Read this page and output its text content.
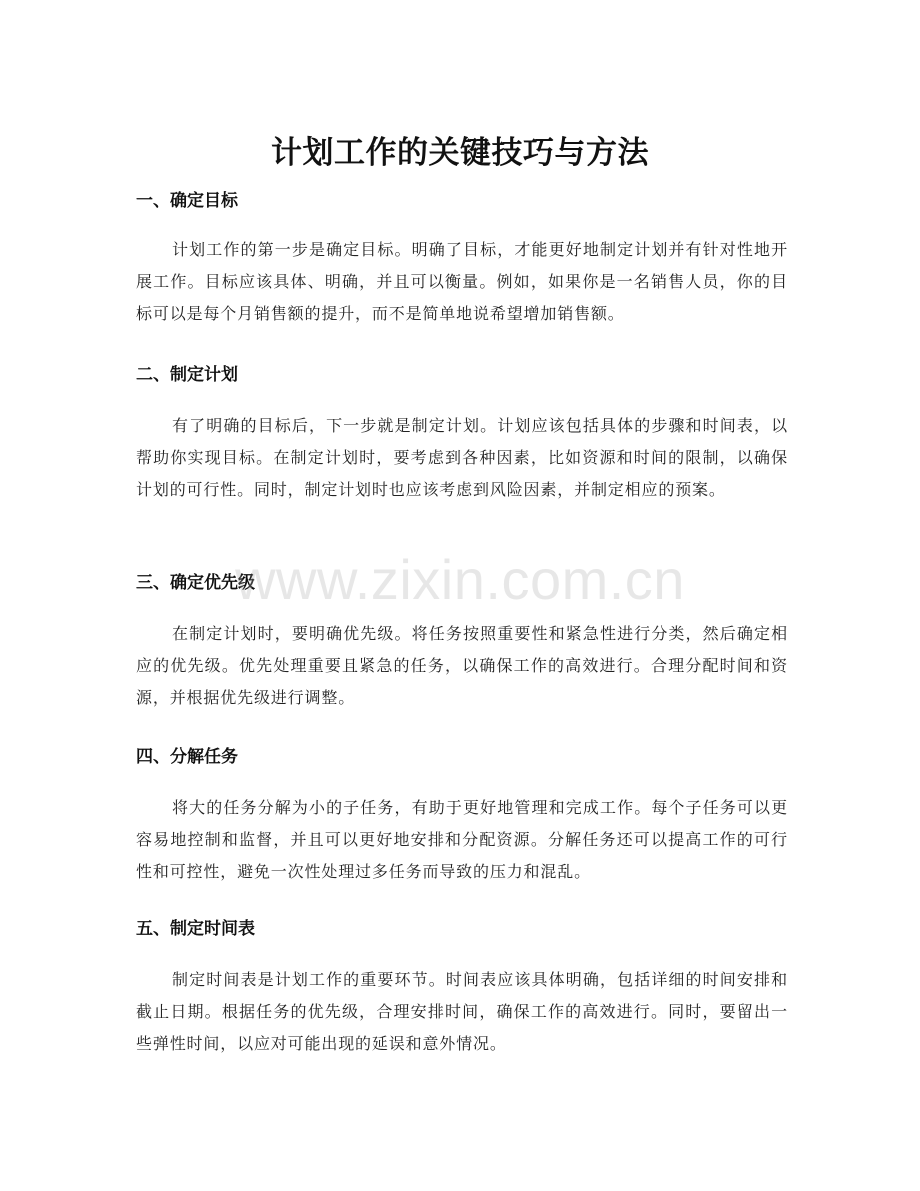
计划工作的关键技巧与方法
一、确定目标

计划工作的第一步是确定目标。明确了目标，才能更好地制定计划并有针对性地开展工作。目标应该具体、明确，并且可以衡量。例如，如果你是一名销售人员，你的目标可以是每个月销售额的提升，而不是简单地说希望增加销售额。

二、制定计划

有了明确的目标后，下一步就是制定计划。计划应该包括具体的步骤和时间表，以帮助你实现目标。在制定计划时，要考虑到各种因素，比如资源和时间的限制，以确保计划的可行性。同时，制定计划时也应该考虑到风险因素，并制定相应的预案。

三、确定优先级

在制定计划时，要明确优先级。将任务按照重要性和紧急性进行分类，然后确定相应的优先级。优先处理重要且紧急的任务，以确保工作的高效进行。合理分配时间和资源，并根据优先级进行调整。

四、分解任务

将大的任务分解为小的子任务，有助于更好地管理和完成工作。每个子任务可以更容易地控制和监督，并且可以更好地安排和分配资源。分解任务还可以提高工作的可行性和可控性，避免一次性处理过多任务而导致的压力和混乱。

五、制定时间表

制定时间表是计划工作的重要环节。时间表应该具体明确，包括详细的时间安排和截止日期。根据任务的优先级，合理安排时间，确保工作的高效进行。同时，要留出一些弹性时间，以应对可能出现的延误和意外情况。

www.zixin.com.cn
